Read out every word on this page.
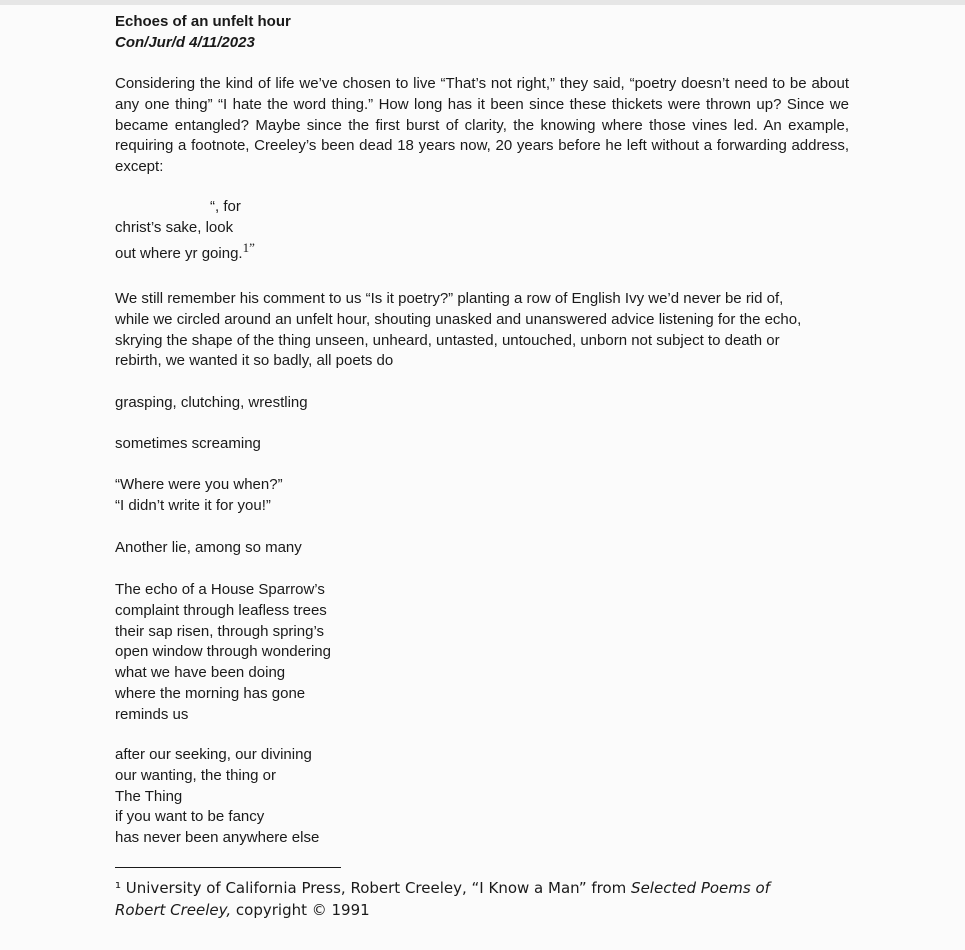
Echoes of an unfelt hour

Con/Jur/d 4/11/2023

Considering the kind of life we’ve chosen to live “That’s not right,” they said, “poetry doesn’t need to be about any one thing” “I hate the word thing.” How long has it been since these thickets were thrown up? Since we became entangled? Maybe since the first burst of clarity, the knowing where those vines led. An example, requiring a footnote, Creeley’s been dead 18 years now, 20 years before he left without a forwarding address, except:

“, for
christ’s sake, look
out where yr going.1”

We still remember his comment to us “Is it poetry?” planting a row of English Ivy we’d never be rid of,
while we circled around an unfelt hour, shouting unasked and unanswered advice listening for the echo,
skrying the shape of the thing unseen, unheard, untasted, untouched, unborn not subject to death or
rebirth, we wanted it so badly, all poets do

grasping, clutching, wrestling

sometimes screaming

“Where were you when?”
“I didn’t write it for you!”

Another lie, among so many

The echo of a House Sparrow’s
complaint through leafless trees
their sap risen, through spring’s
open window through wondering
what we have been doing
where the morning has gone
reminds us

after our seeking, our divining
our wanting, the thing or
The Thing
if you want to be fancy
has never been anywhere else

¹ University of California Press, Robert Creeley, “I Know a Man” from Selected Poems of Robert Creeley, copyright © 1991
